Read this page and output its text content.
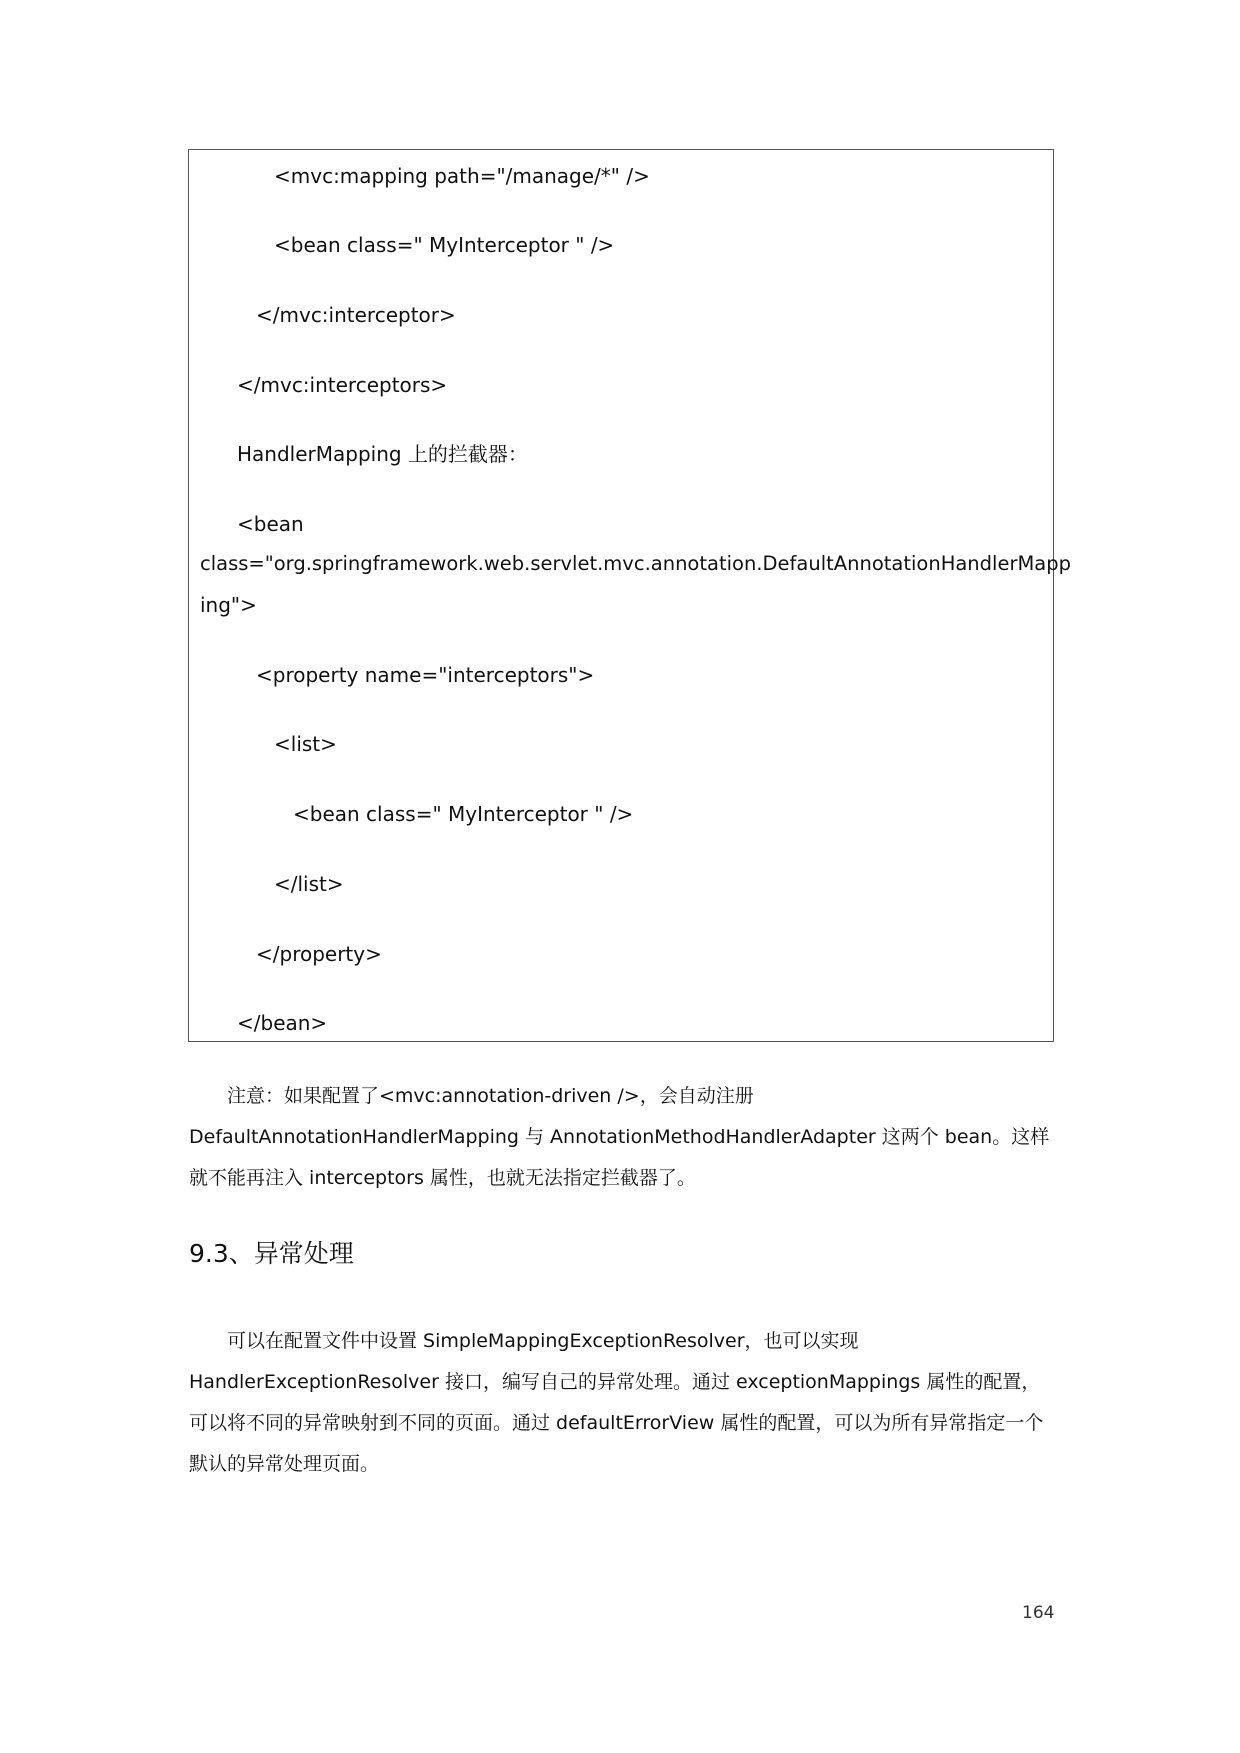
<mvc:mapping path="/manage/*" />

<bean class=" MyInterceptor " />

</mvc:interceptor>

</mvc:interceptors>

HandlerMapping 上的拦截器：

<bean

class="org.springframework.web.servlet.mvc.annotation.DefaultAnnotationHandlerMapp

ing">

<property name="interceptors">

<list>

<bean class=" MyInterceptor " />

</list>

</property>

</bean>

注意：如果配置了<mvc:annotation-driven />，会自动注册 DefaultAnnotationHandlerMapping 与 AnnotationMethodHandlerAdapter 这两个 bean。这样就不能再注入 interceptors 属性，也就无法指定拦截器了。

9.3、异常处理

可以在配置文件中设置 SimpleMappingExceptionResolver，也可以实现 HandlerExceptionResolver 接口，编写自己的异常处理。通过 exceptionMappings 属性的配置，可以将不同的异常映射到不同的页面。通过 defaultErrorView 属性的配置，可以为所有异常指定一个默认的异常处理页面。

164
